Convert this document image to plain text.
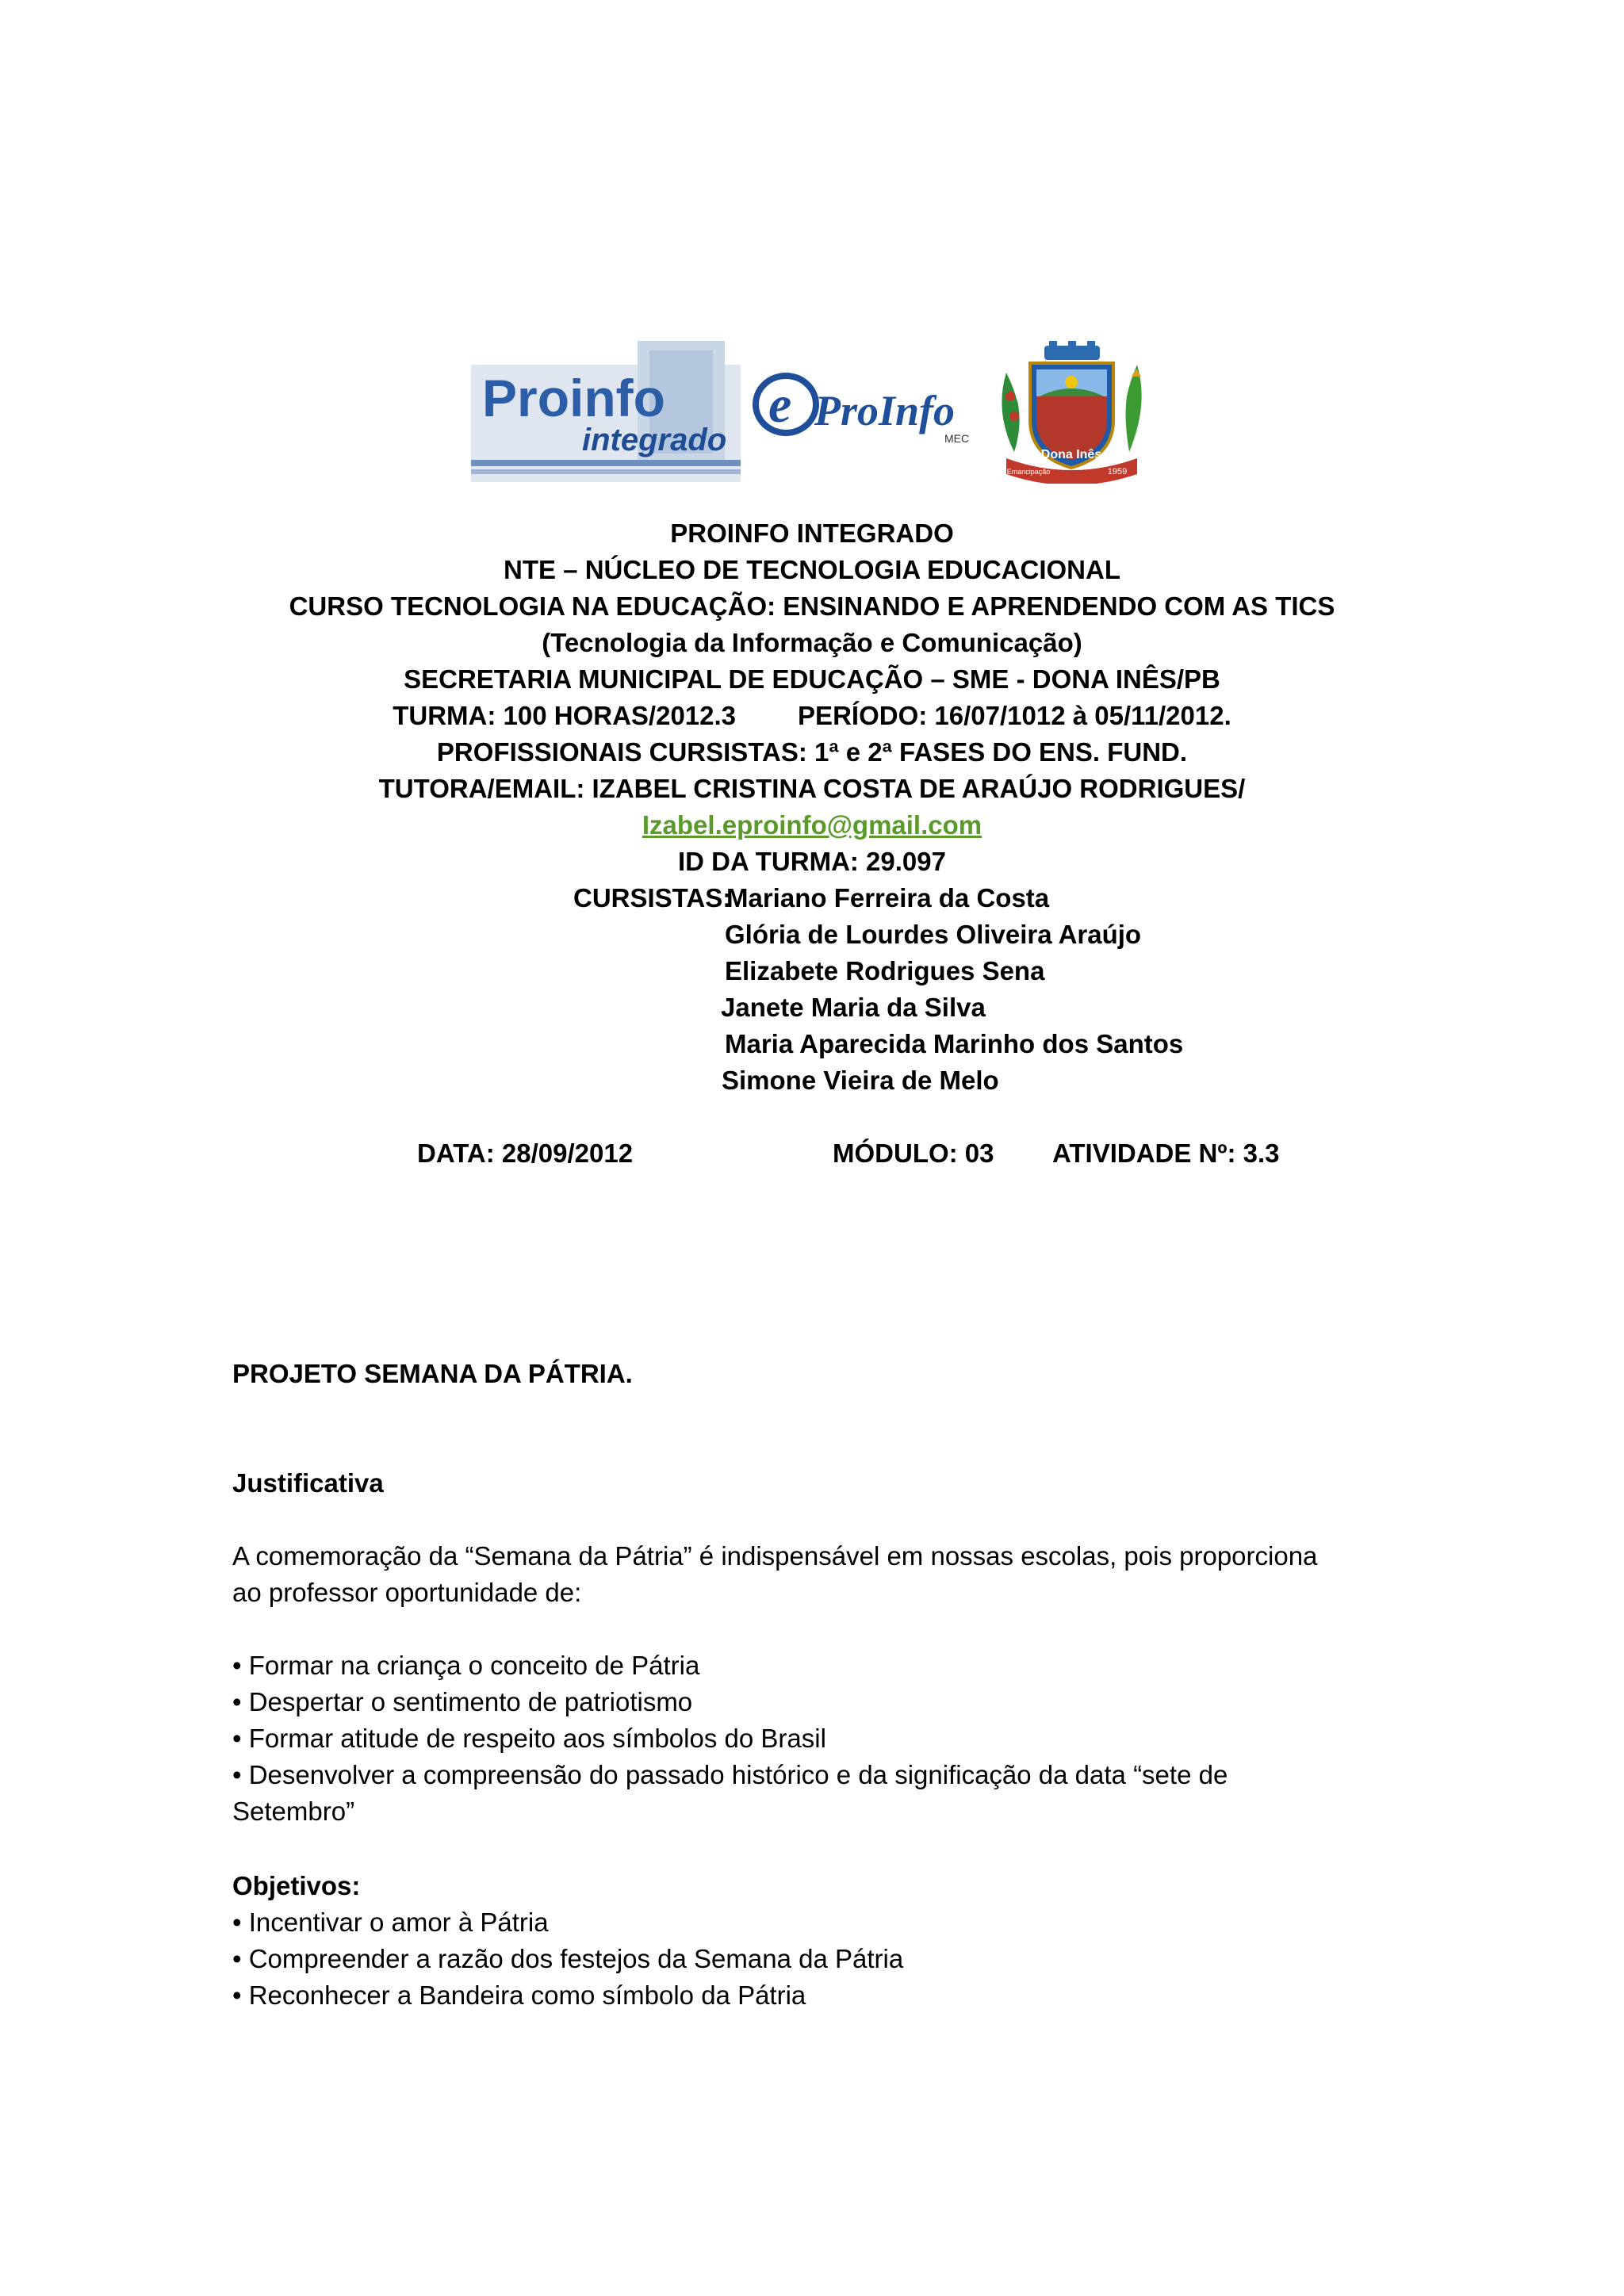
Proinfo
integrado
e ProInfo
MEC
Dona Inês
Emancipação	1959
PROINFO INTEGRADO
NTE – NÚCLEO DE TECNOLOGIA EDUCACIONAL
CURSO TECNOLOGIA NA EDUCAÇÃO: ENSINANDO E APRENDENDO COM AS TICS
(Tecnologia da Informação e Comunicação)
SECRETARIA MUNICIPAL DE EDUCAÇÃO – SME - DONA INÊS/PB
TURMA: 100 HORAS/2012.3 PERÍODO: 16/07/1012 à 05/11/2012.
PROFISSIONAIS CURSISTAS: 1ª e 2ª FASES DO ENS. FUND.
TUTORA/EMAIL: IZABEL CRISTINA COSTA DE ARAÚJO RODRIGUES/
Izabel.eproinfo@gmail.com
ID DA TURMA: 29.097
CURSISTAS:
Mariano Ferreira da Costa
Glória de Lourdes Oliveira Araújo
Elizabete Rodrigues Sena
Janete Maria da Silva
Maria Aparecida Marinho dos Santos
Simone Vieira de Melo
DATA: 28/09/2012	MÓDULO: 03 ATIVIDADE Nº: 3.3
PROJETO SEMANA DA PÁTRIA.
Justificativa
A comemoração da “Semana da Pátria” é indispensável em nossas escolas, pois proporciona
ao professor oportunidade de:
• Formar na criança o conceito de Pátria
• Despertar o sentimento de patriotismo
• Formar atitude de respeito aos símbolos do Brasil
• Desenvolver a compreensão do passado histórico e da significação da data “sete de
Setembro”
Objetivos:
• Incentivar o amor à Pátria
• Compreender a razão dos festejos da Semana da Pátria
• Reconhecer a Bandeira como símbolo da Pátria
